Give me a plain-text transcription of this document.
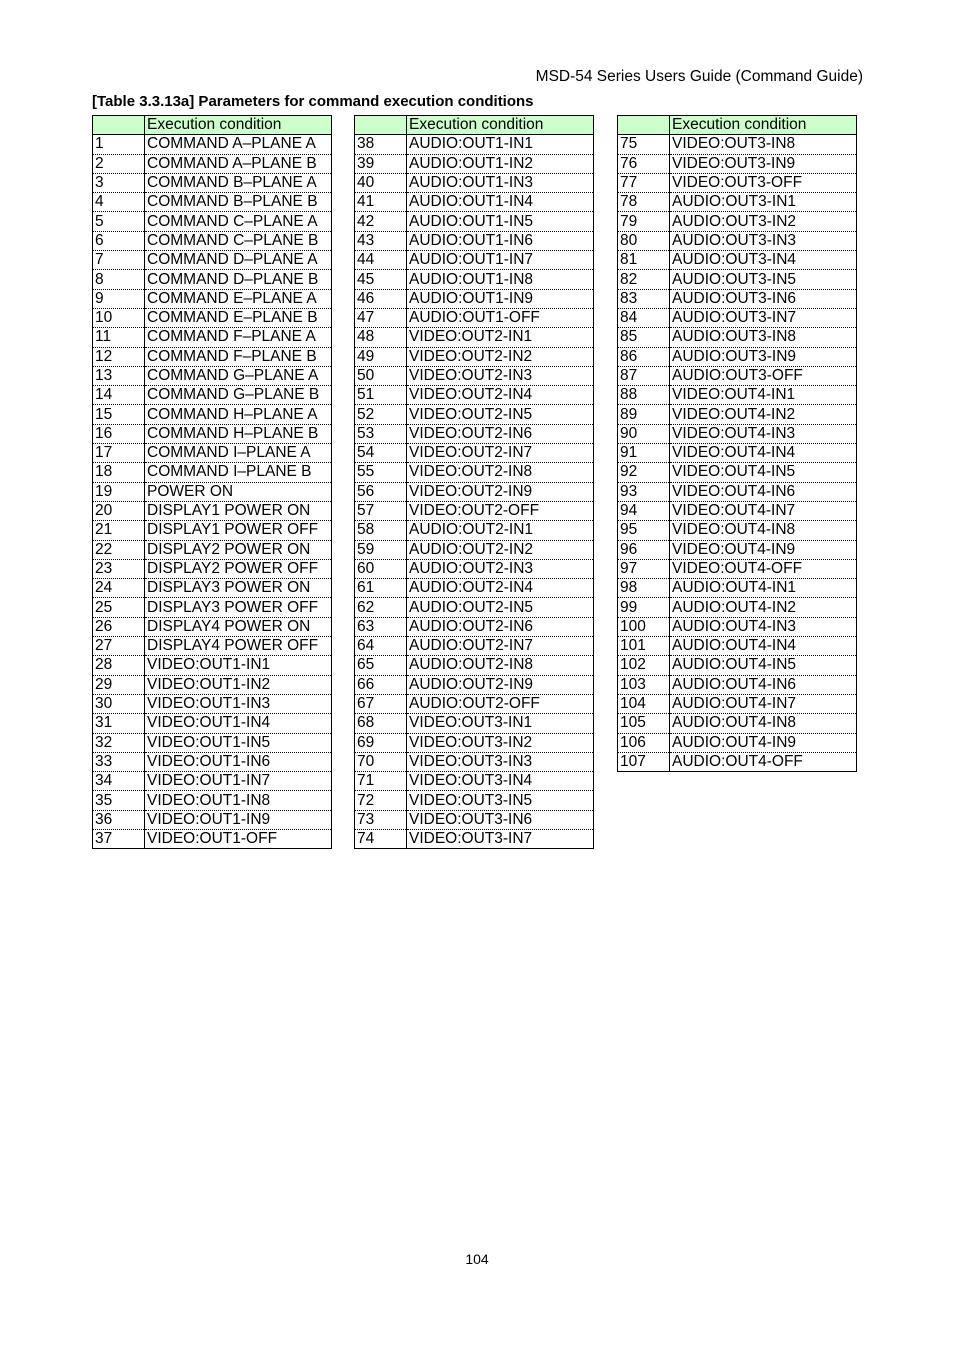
MSD-54 Series Users Guide (Command Guide)
[Table 3.3.13a] Parameters for command execution conditions
	Execution condition
1	COMMAND A–PLANE A
2	COMMAND A–PLANE B
3	COMMAND B–PLANE A
4	COMMAND B–PLANE B
5	COMMAND C–PLANE A
6	COMMAND C–PLANE B
7	COMMAND D–PLANE A
8	COMMAND D–PLANE B
9	COMMAND E–PLANE A
10	COMMAND E–PLANE B
11	COMMAND F–PLANE A
12	COMMAND F–PLANE B
13	COMMAND G–PLANE A
14	COMMAND G–PLANE B
15	COMMAND H–PLANE A
16	COMMAND H–PLANE B
17	COMMAND I–PLANE A
18	COMMAND I–PLANE B
19	POWER ON
20	DISPLAY1 POWER ON
21	DISPLAY1 POWER OFF
22	DISPLAY2 POWER ON
23	DISPLAY2 POWER OFF
24	DISPLAY3 POWER ON
25	DISPLAY3 POWER OFF
26	DISPLAY4 POWER ON
27	DISPLAY4 POWER OFF
28	VIDEO:OUT1-IN1
29	VIDEO:OUT1-IN2
30	VIDEO:OUT1-IN3
31	VIDEO:OUT1-IN4
32	VIDEO:OUT1-IN5
33	VIDEO:OUT1-IN6
34	VIDEO:OUT1-IN7
35	VIDEO:OUT1-IN8
36	VIDEO:OUT1-IN9
37	VIDEO:OUT1-OFF
	Execution condition
38	AUDIO:OUT1-IN1
39	AUDIO:OUT1-IN2
40	AUDIO:OUT1-IN3
41	AUDIO:OUT1-IN4
42	AUDIO:OUT1-IN5
43	AUDIO:OUT1-IN6
44	AUDIO:OUT1-IN7
45	AUDIO:OUT1-IN8
46	AUDIO:OUT1-IN9
47	AUDIO:OUT1-OFF
48	VIDEO:OUT2-IN1
49	VIDEO:OUT2-IN2
50	VIDEO:OUT2-IN3
51	VIDEO:OUT2-IN4
52	VIDEO:OUT2-IN5
53	VIDEO:OUT2-IN6
54	VIDEO:OUT2-IN7
55	VIDEO:OUT2-IN8
56	VIDEO:OUT2-IN9
57	VIDEO:OUT2-OFF
58	AUDIO:OUT2-IN1
59	AUDIO:OUT2-IN2
60	AUDIO:OUT2-IN3
61	AUDIO:OUT2-IN4
62	AUDIO:OUT2-IN5
63	AUDIO:OUT2-IN6
64	AUDIO:OUT2-IN7
65	AUDIO:OUT2-IN8
66	AUDIO:OUT2-IN9
67	AUDIO:OUT2-OFF
68	VIDEO:OUT3-IN1
69	VIDEO:OUT3-IN2
70	VIDEO:OUT3-IN3
71	VIDEO:OUT3-IN4
72	VIDEO:OUT3-IN5
73	VIDEO:OUT3-IN6
74	VIDEO:OUT3-IN7
	Execution condition
75	VIDEO:OUT3-IN8
76	VIDEO:OUT3-IN9
77	VIDEO:OUT3-OFF
78	AUDIO:OUT3-IN1
79	AUDIO:OUT3-IN2
80	AUDIO:OUT3-IN3
81	AUDIO:OUT3-IN4
82	AUDIO:OUT3-IN5
83	AUDIO:OUT3-IN6
84	AUDIO:OUT3-IN7
85	AUDIO:OUT3-IN8
86	AUDIO:OUT3-IN9
87	AUDIO:OUT3-OFF
88	VIDEO:OUT4-IN1
89	VIDEO:OUT4-IN2
90	VIDEO:OUT4-IN3
91	VIDEO:OUT4-IN4
92	VIDEO:OUT4-IN5
93	VIDEO:OUT4-IN6
94	VIDEO:OUT4-IN7
95	VIDEO:OUT4-IN8
96	VIDEO:OUT4-IN9
97	VIDEO:OUT4-OFF
98	AUDIO:OUT4-IN1
99	AUDIO:OUT4-IN2
100	AUDIO:OUT4-IN3
101	AUDIO:OUT4-IN4
102	AUDIO:OUT4-IN5
103	AUDIO:OUT4-IN6
104	AUDIO:OUT4-IN7
105	AUDIO:OUT4-IN8
106	AUDIO:OUT4-IN9
107	AUDIO:OUT4-OFF
104
